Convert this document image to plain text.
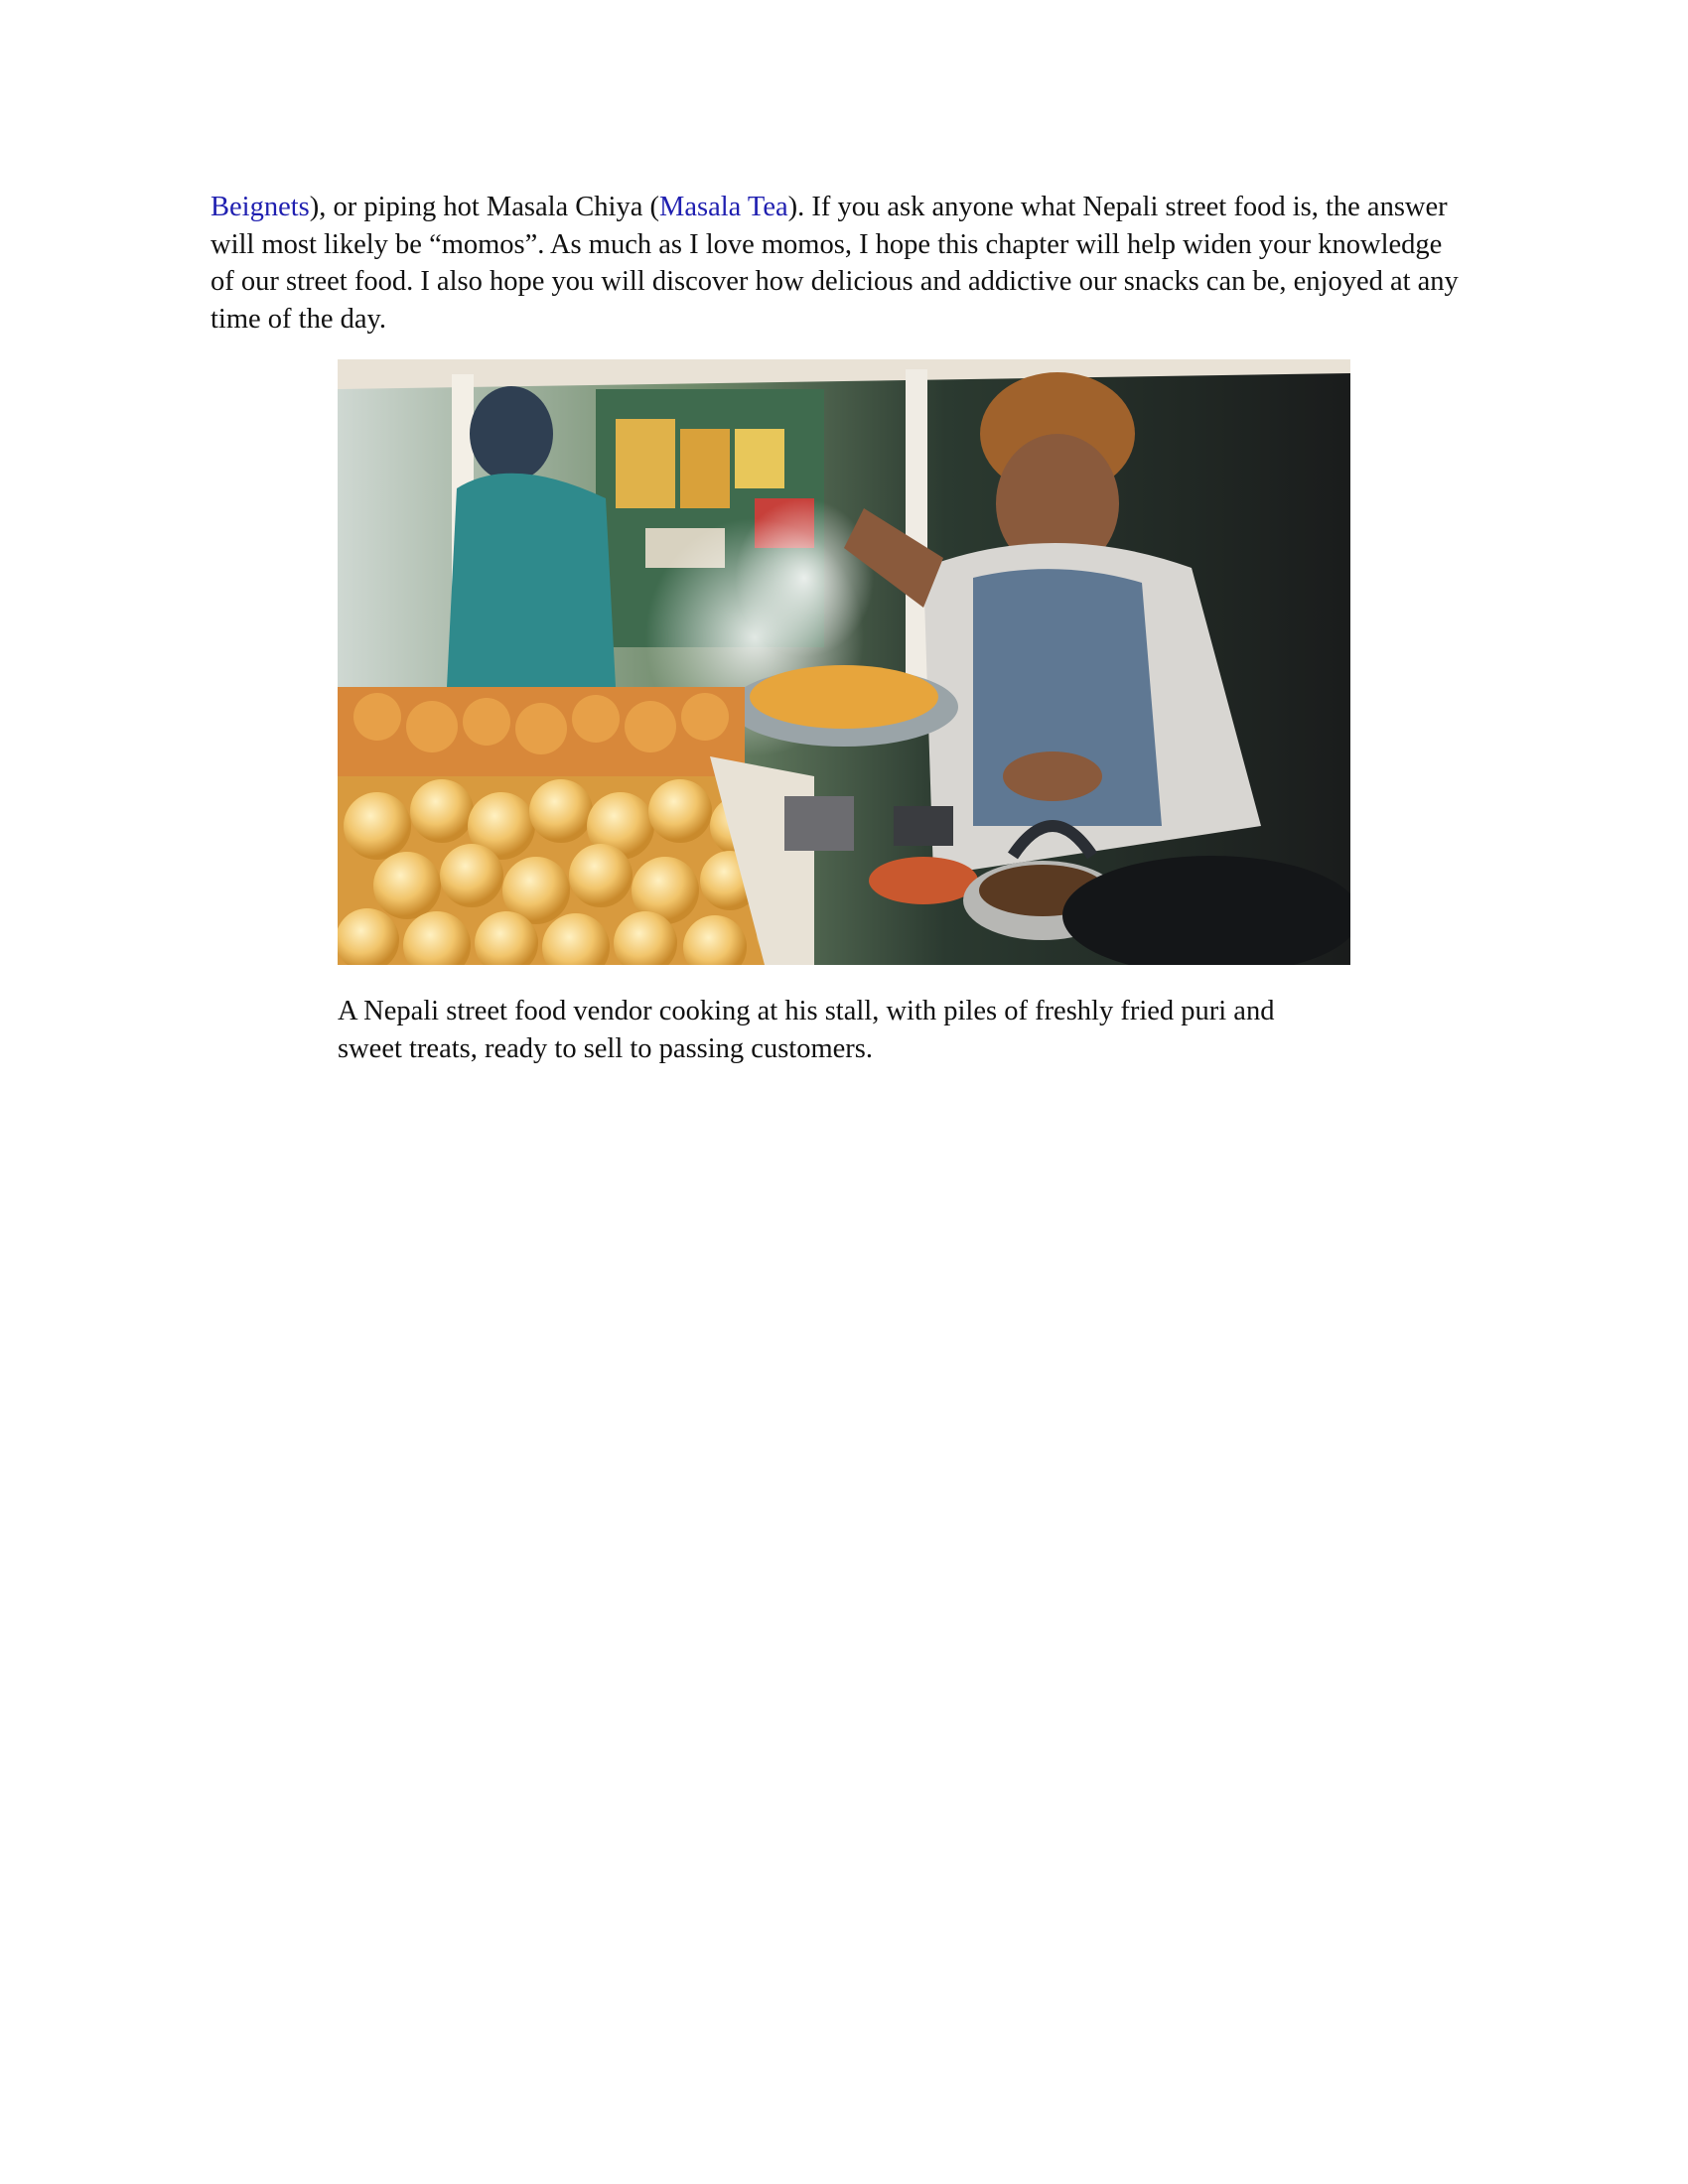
Beignets), or piping hot Masala Chiya (Masala Tea). If you ask anyone what Nepali street food is, the answer will most likely be “momos”. As much as I love momos, I hope this chapter will help widen your knowledge of our street food. I also hope you will discover how delicious and addictive our snacks can be, enjoyed at any time of the day.

A Nepali street food vendor cooking at his stall, with piles of freshly fried puri and sweet treats, ready to sell to passing customers.
